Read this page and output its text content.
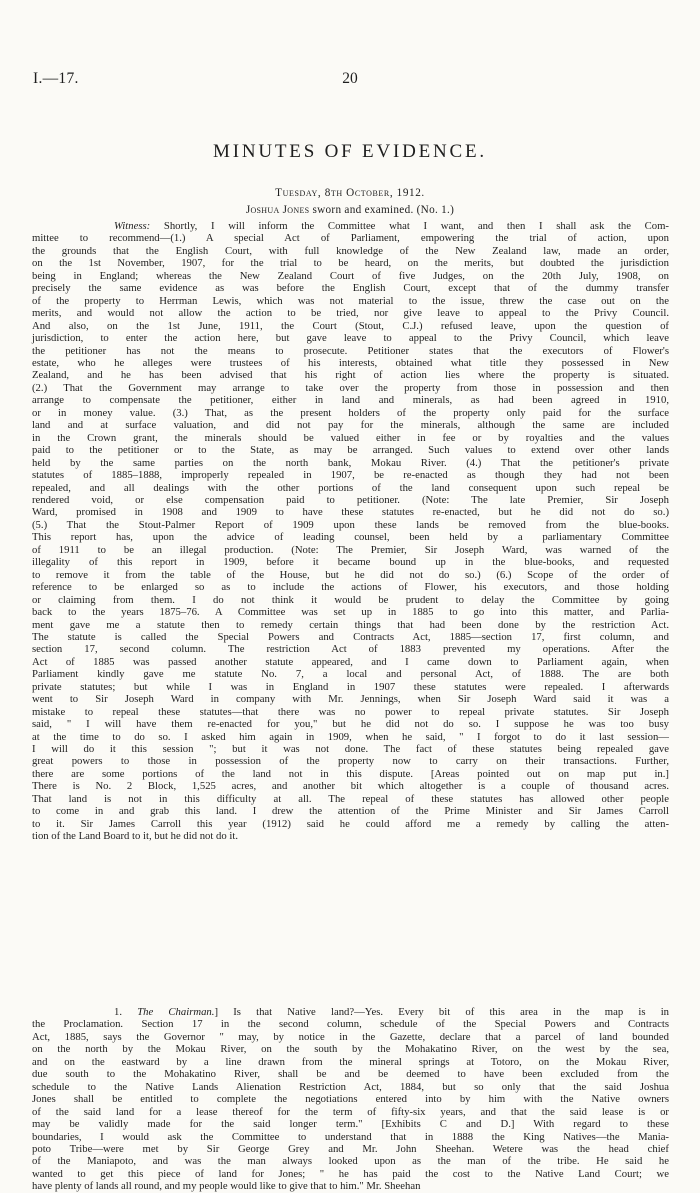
I.—17.	20
MINUTES OF EVIDENCE.
Tuesday, 8th October, 1912.
Joshua Jones sworn and examined. (No. 1.)
Witness: Shortly, I will inform the Committee what I want, and then I shall ask the Com-
mittee to recommend—(1.) A special Act of Parliament, empowering the trial of action, upon
the grounds that the English Court, with full knowledge of the New Zealand law, made an order,
on the 1st November, 1907, for the trial to be heard, on the merits, but doubted the jurisdiction
being in England; whereas the New Zealand Court of five Judges, on the 20th July, 1908, on
precisely the same evidence as was before the English Court, except that of the dummy transfer
of the property to Herrman Lewis, which was not material to the issue, threw the case out on the
merits, and would not allow the action to be tried, nor give leave to appeal to the Privy Council.
And also, on the 1st June, 1911, the Court (Stout, C.J.) refused leave, upon the question of
jurisdiction, to enter the action here, but gave leave to appeal to the Privy Council, which leave
the petitioner has not the means to prosecute. Petitioner states that the executors of Flower's
estate, who he alleges were trustees of his interests, obtained what title they possessed in New
Zealand, and he has been advised that his right of action lies where the property is situated.
(2.) That the Government may arrange to take over the property from those in possession and then
arrange to compensate the petitioner, either in land and minerals, as had been agreed in 1910,
or in money value. (3.) That, as the present holders of the property only paid for the surface
land and at surface valuation, and did not pay for the minerals, although the same are included
in the Crown grant, the minerals should be valued either in fee or by royalties and the values
paid to the petitioner or to the State, as may be arranged. Such values to extend over other lands
held by the same parties on the north bank, Mokau River. (4.) That the petitioner's private
statutes of 1885–1888, improperly repealed in 1907, be re-enacted as though they had not been
repealed, and all dealings with the other portions of the land consequent upon such repeal be
rendered void, or else compensation paid to petitioner. (Note: The late Premier, Sir Joseph
Ward, promised in 1908 and 1909 to have these statutes re-enacted, but he did not do so.)
(5.) That the Stout-Palmer Report of 1909 upon these lands be removed from the blue-books.
This report has, upon the advice of leading counsel, been held by a parliamentary Committee
of 1911 to be an illegal production. (Note: The Premier, Sir Joseph Ward, was warned of the
illegality of this report in 1909, before it became bound up in the blue-books, and requested
to remove it from the table of the House, but he did not do so.) (6.) Scope of the order of
reference to be enlarged so as to include the actions of Flower, his executors, and those holding
or claiming from them. I do not think it would be prudent to delay the Committee by going
back to the years 1875–76. A Committee was set up in 1885 to go into this matter, and Parlia-
ment gave me a statute then to remedy certain things that had been done by the restriction Act.
The statute is called the Special Powers and Contracts Act, 1885—section 17, first column, and
section 17, second column. The restriction Act of 1883 prevented my operations. After the
Act of 1885 was passed another statute appeared, and I came down to Parliament again, when
Parliament kindly gave me statute No. 7, a local and personal Act, of 1888. The are both
private statutes; but while I was in England in 1907 these statutes were repealed. I afterwards
went to Sir Joseph Ward in company with Mr. Jennings, when Sir Joseph Ward said it was a
mistake to repeal these statutes—that there was no power to repeal private statutes. Sir Joseph
said, " I will have them re-enacted for you," but he did not do so. I suppose he was too busy
at the time to do so. I asked him again in 1909, when he said, " I forgot to do it last session—
I will do it this session "; but it was not done. The fact of these statutes being repealed gave
great powers to those in possession of the property now to carry on their transactions. Further,
there are some portions of the land not in this dispute. [Areas pointed out on map put in.]
There is No. 2 Block, 1,525 acres, and another bit which altogether is a couple of thousand acres.
That land is not in this difficulty at all. The repeal of these statutes has allowed other people
to come in and grab this land. I drew the attention of the Prime Minister and Sir James Carroll
to it. Sir James Carroll this year (1912) said he could afford me a remedy by calling the atten-
tion of the Land Board to it, but he did not do it.
1. The Chairman.] Is that Native land?—Yes. Every bit of this area in the map is in
the Proclamation. Section 17 in the second column, schedule of the Special Powers and Contracts
Act, 1885, says the Governor " may, by notice in the Gazette, declare that a parcel of land bounded
on the north by the Mokau River, on the south by the Mohakatino River, on the west by the sea,
and on the eastward by a line drawn from the mineral springs at Totoro, on the Mokau River,
due south to the Mohakatino River, shall be and be deemed to have been excluded from the
schedule to the Native Lands Alienation Restriction Act, 1884, but so only that the said Joshua
Jones shall be entitled to complete the negotiations entered into by him with the Native owners
of the said land for a lease thereof for the term of fifty-six years, and that the said lease is or
may be validly made for the said longer term." [Exhibits C and D.] With regard to these
boundaries, I would ask the Committee to understand that in 1888 the King Natives—the Mania-
poto Tribe—were met by Sir George Grey and Mr. John Sheehan. Wetere was the head chief
of the Maniapoto, and was the man always looked upon as the man of the tribe. He said he
wanted to get this piece of land for Jones; " he has paid the cost to the Native Land Court; we
have plenty of lands all round, and my people would like to give that to him." Mr. Sheehan
